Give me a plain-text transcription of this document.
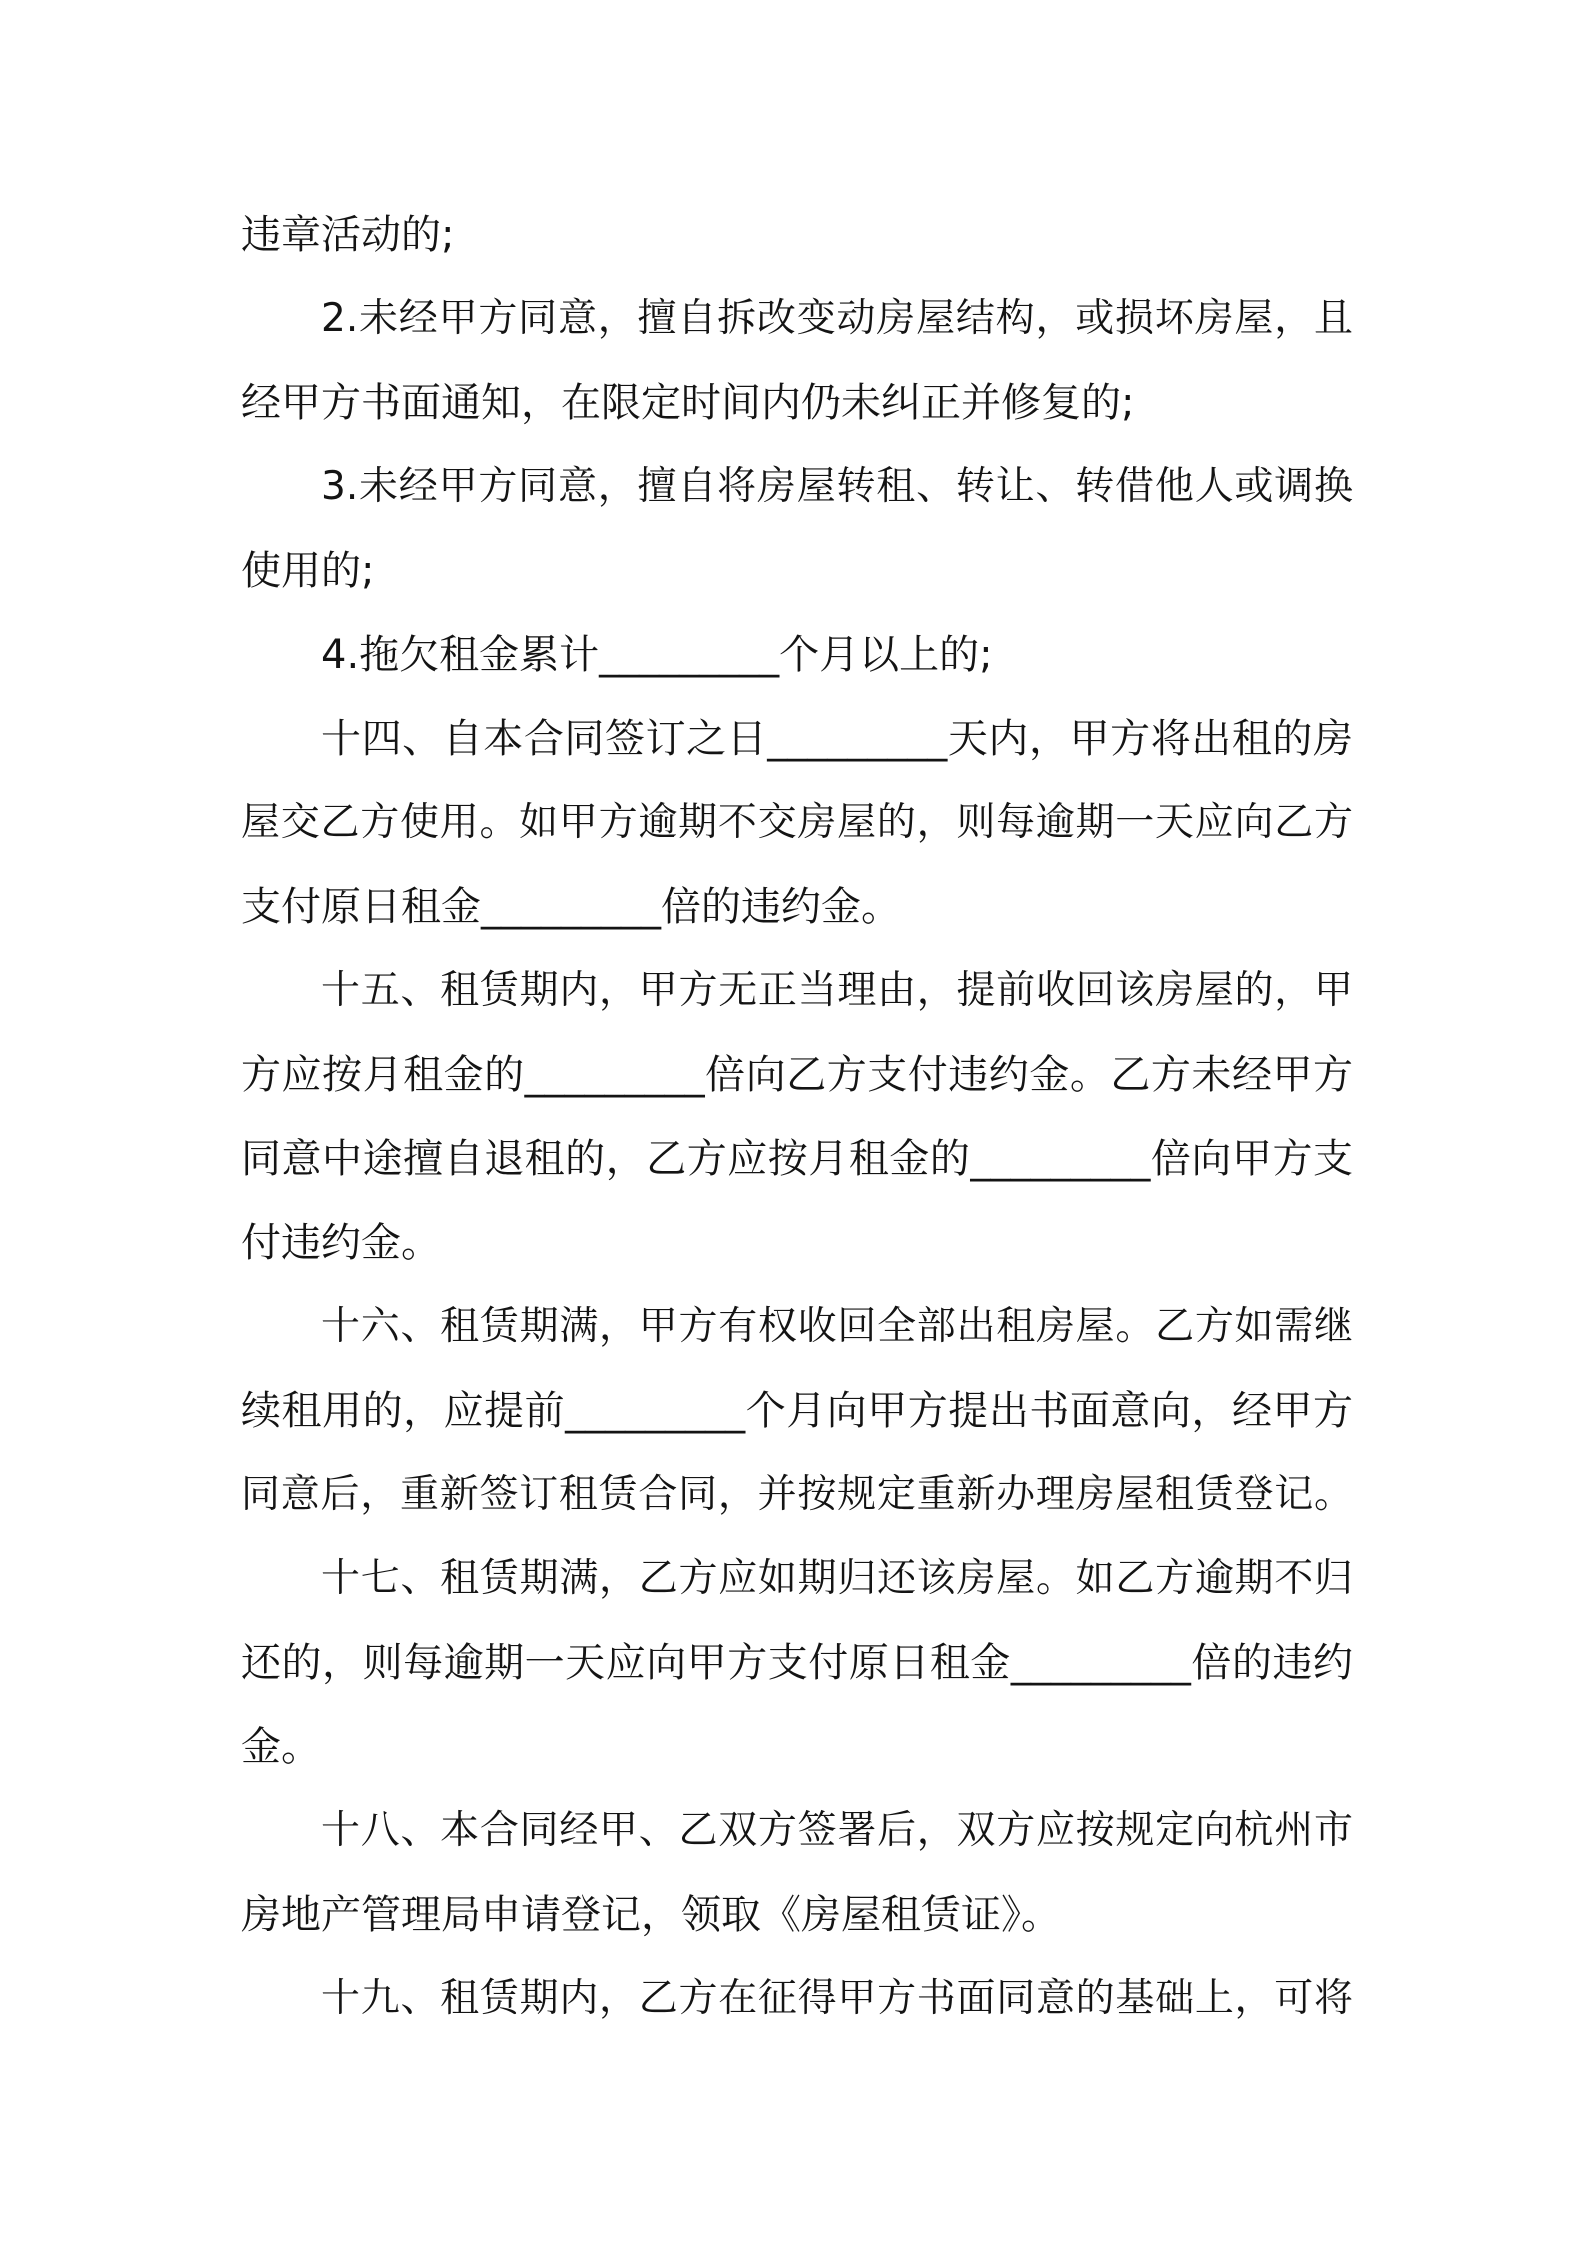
违章活动的;
2.未经甲方同意，擅自拆改变动房屋结构，或损坏房屋，且
经甲方书面通知，在限定时间内仍未纠正并修复的;
3.未经甲方同意，擅自将房屋转租、转让、转借他人或调换
使用的;
4.拖欠租金累计_________个月以上的;
十四、自本合同签订之日_________天内，甲方将出租的房
屋交乙方使用。如甲方逾期不交房屋的，则每逾期一天应向乙方
支付原日租金_________倍的违约金。
十五、租赁期内，甲方无正当理由，提前收回该房屋的，甲
方应按月租金的_________倍向乙方支付违约金。乙方未经甲方
同意中途擅自退租的，乙方应按月租金的_________倍向甲方支
付违约金。
十六、租赁期满，甲方有权收回全部出租房屋。乙方如需继
续租用的，应提前_________个月向甲方提出书面意向，经甲方
同意后，重新签订租赁合同，并按规定重新办理房屋租赁登记。
十七、租赁期满，乙方应如期归还该房屋。如乙方逾期不归
还的，则每逾期一天应向甲方支付原日租金_________倍的违约
金。
十八、本合同经甲、乙双方签署后，双方应按规定向杭州市
房地产管理局申请登记，领取《房屋租赁证》。
十九、租赁期内，乙方在征得甲方书面同意的基础上，可将
